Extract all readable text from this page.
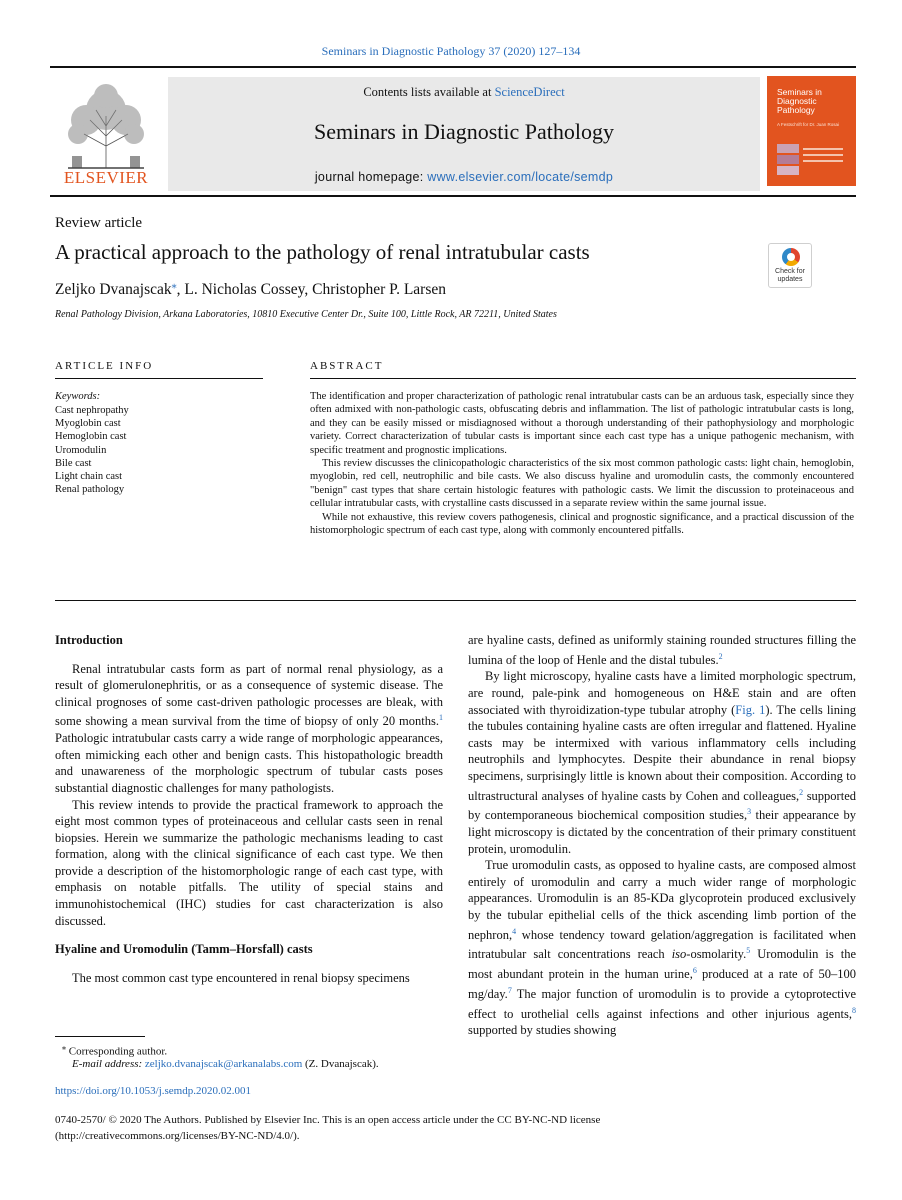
Seminars in Diagnostic Pathology 37 (2020) 127–134
ELSEVIER
Contents lists available at ScienceDirect
Seminars in Diagnostic Pathology
journal homepage: www.elsevier.com/locate/semdp
Seminars in Diagnostic Pathology
A Festschrift for Dr. Juan Rosai
Review article
A practical approach to the pathology of renal intratubular casts
Zeljko Dvanajscak⁎, L. Nicholas Cossey, Christopher P. Larsen
Renal Pathology Division, Arkana Laboratories, 10810 Executive Center Dr., Suite 100, Little Rock, AR 72211, United States
Check for
updates
ARTICLE INFO	ABSTRACT
Keywords:
Cast nephropathy
Myoglobin cast
Hemoglobin cast
Uromodulin
Bile cast
Light chain cast
Renal pathology

The identification and proper characterization of pathologic renal intratubular casts can be an arduous task, especially since they often admixed with non-pathologic casts, obfuscating debris and inflammation. The list of pathologic intratubular casts is long, and they can be easily missed or misdiagnosed without a thorough understanding of their pathophysiology and morphologic variety. Correct characterization of tubular casts is important since each cast type has a unique pathogenic mechanism, with specific treatment and prognostic implications.

This review discusses the clinicopathologic characteristics of the six most common pathologic casts: light chain, hemoglobin, myoglobin, red cell, neutrophilic and bile casts. We also discuss hyaline and uromodulin casts, the commonly encountered "benign" cast types that share certain histologic features with pathologic casts. We limit the discussion to proteinaceous and cellular intratubular casts, with crystalline casts discussed in a separate review within the same journal issue.

While not exhaustive, this review covers pathogenesis, clinical and prognostic significance, and a practical discussion of the histomorphologic spectrum of each cast type, along with commonly encountered pitfalls.

Introduction

Renal intratubular casts form as part of normal renal physiology, as a result of glomerulonephritis, or as a consequence of systemic disease. The clinical prognoses of some cast-driven pathologic processes are bleak, with some showing a mean survival from the time of biopsy of only 20 months.$^1$ Pathologic intratubular casts carry a wide range of morphologic appearances, often mimicking each other and benign casts. This histopathologic breadth and unawareness of the morphologic spectrum of tubular casts poses substantial diagnostic challenges for many pathologists.

This review intends to provide the practical framework to approach the eight most common types of proteinaceous and cellular casts seen in renal biopsies. Herein we summarize the pathologic mechanisms leading to cast formation, along with the clinical significance of each cast type. We then provide a description of the histomorphologic range of each cast type, with emphasis on notable pitfalls. The utility of special stains and immunohistochemical (IHC) studies for cast characterization is also discussed.

Hyaline and Uromodulin (Tamm–Horsfall) casts

The most common cast type encountered in renal biopsy specimens

are hyaline casts, defined as uniformly staining rounded structures filling the lumina of the loop of Henle and the distal tubules.$^2$

By light microscopy, hyaline casts have a limited morphologic spectrum, are round, pale-pink and homogeneous on H&E stain and are often associated with thyroidization-type tubular atrophy (Fig. 1). The cells lining the tubules containing hyaline casts are often irregular and flattened. Hyaline casts may be intermixed with various inflammatory cells including neutrophils and lymphocytes. Despite their abundance in renal biopsy specimens, surprisingly little is known about their composition. According to ultrastructural analyses of hyaline casts by Cohen and colleagues,$^2$ supported by contemporaneous biochemical composition studies,$^3$ their appearance by light microscopy is dictated by the concentration of their primary constituent protein, uromodulin.

True uromodulin casts, as opposed to hyaline casts, are composed almost entirely of uromodulin and carry a much wider range of morphologic appearances. Uromodulin is an 85-KDa glycoprotein produced exclusively by the tubular epithelial cells of the thick ascending limb portion of the nephron,$^4$ whose tendency toward gelation/aggregation is facilitated when intratubular salt concentrations reach iso-osmolarity.$^5$ Uromodulin is the most abundant protein in the human urine,$^6$ produced at a rate of 50–100 mg/day.$^7$ The major function of uromodulin is to provide a cytoprotective effect to urothelial cells against infections and other injurious agents,$^8$ supported by studies showing

⁎ Corresponding author.
E-mail address: zeljko.dvanajscak@arkanalabs.com (Z. Dvanajscak).
https://doi.org/10.1053/j.semdp.2020.02.001
0740-2570/ © 2020 The Authors. Published by Elsevier Inc. This is an open access article under the CC BY-NC-ND license
(http://creativecommons.org/licenses/BY-NC-ND/4.0/).
